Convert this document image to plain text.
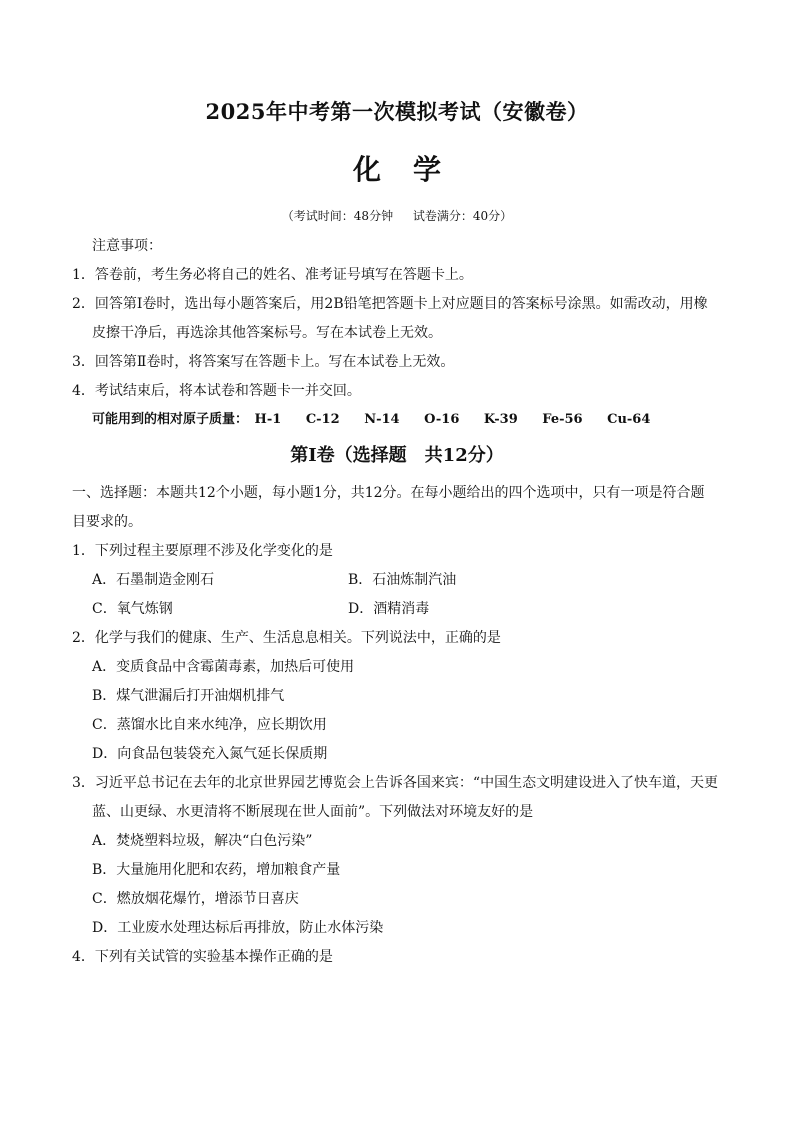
2025年中考第一次模拟考试（安徽卷）
化学
（考试时间：48分钟 试卷满分：40分）
注意事项：
1．答卷前，考生务必将自己的姓名、准考证号填写在答题卡上。
2．回答第Ⅰ卷时，选出每小题答案后，用2B铅笔把答题卡上对应题目的答案标号涂黑。如需改动，用橡
皮擦干净后，再选涂其他答案标号。写在本试卷上无效。
3．回答第Ⅱ卷时，将答案写在答题卡上。写在本试卷上无效。
4．考试结束后，将本试卷和答题卡一并交回。
可能用到的相对原子质量： H-1 C-12 N-14 O-16 K-39 Fe-56 Cu-64
第Ⅰ卷（选择题　共12分）
一、选择题：本题共12个小题，每小题1分，共12分。在每小题给出的四个选项中，只有一项是符合题
目要求的。
1．下列过程主要原理不涉及化学变化的是
A．石墨制造金刚石	B．石油炼制汽油
C．氧气炼钢	D．酒精消毒
2．化学与我们的健康、生产、生活息息相关。下列说法中，正确的是
A．变质食品中含霉菌毒素，加热后可使用
B．煤气泄漏后打开油烟机排气
C．蒸馏水比自来水纯净，应长期饮用
D．向食品包装袋充入氮气延长保质期
3．习近平总书记在去年的北京世界园艺博览会上告诉各国来宾：“中国生态文明建设进入了快车道，天更
蓝、山更绿、水更清将不断展现在世人面前”。下列做法对环境友好的是
A．焚烧塑料垃圾，解决“白色污染”
B．大量施用化肥和农药，增加粮食产量
C．燃放烟花爆竹，增添节日喜庆
D．工业废水处理达标后再排放，防止水体污染
4．下列有关试管的实验基本操作正确的是
